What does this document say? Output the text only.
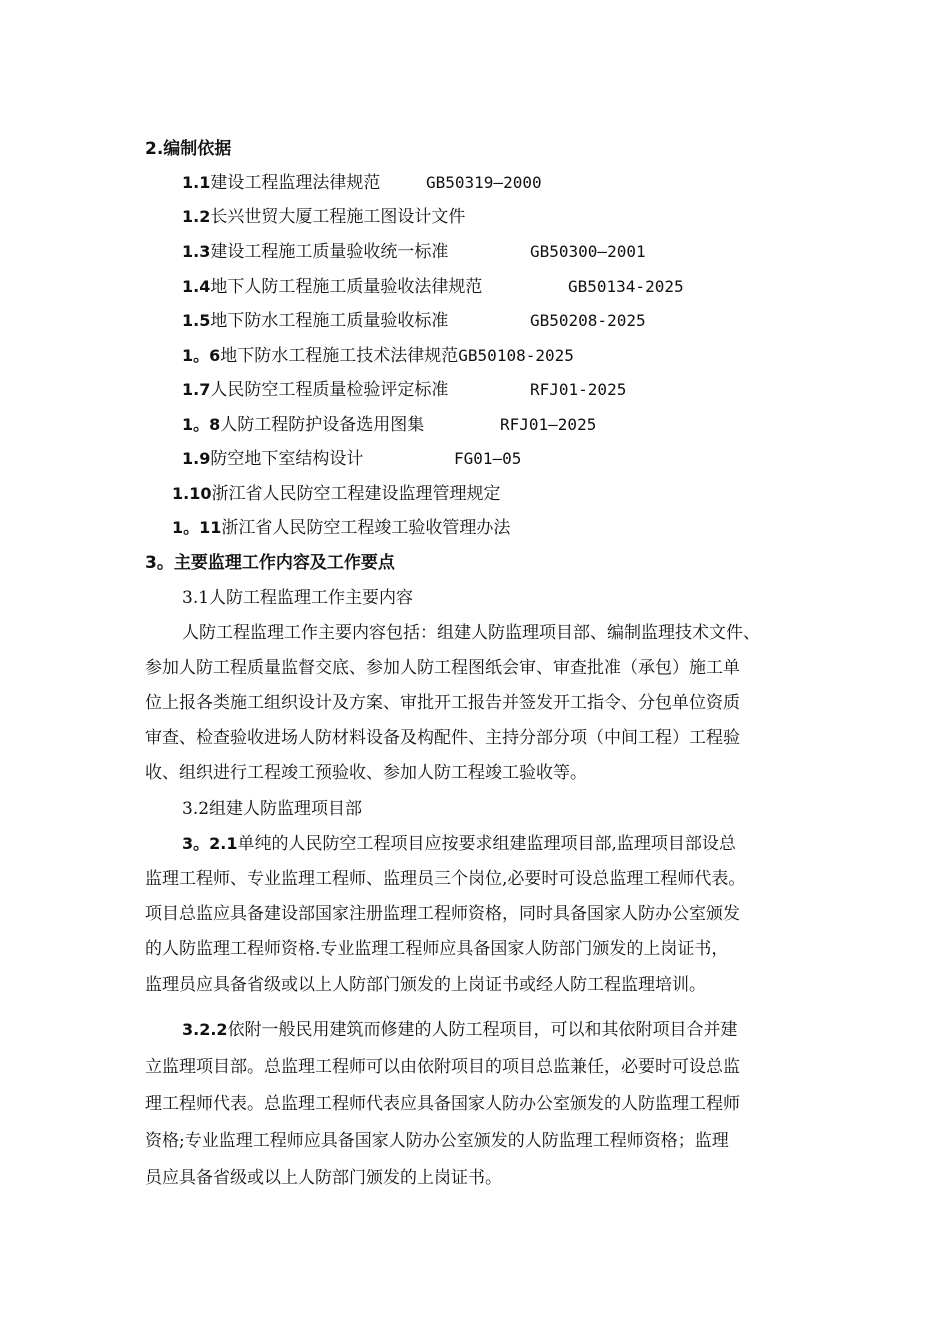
2.编制依据
1.1建设工程监理法律规范	GB50319—2000
1.2长兴世贸大厦工程施工图设计文件
1.3建设工程施工质量验收统一标准	GB50300—2001
1.4地下人防工程施工质量验收法律规范	GB50134-2025
1.5地下防水工程施工质量验收标准	GB50208-2025
1。6地下防水工程施工技术法律规范GB50108-2025
1.7人民防空工程质量检验评定标准	RFJ01-2025
1。8人防工程防护设备选用图集	RFJ01—2025
1.9防空地下室结构设计	FG01—05
1.10浙江省人民防空工程建设监理管理规定
1。11浙江省人民防空工程竣工验收管理办法
3。主要监理工作内容及工作要点
3.1人防工程监理工作主要内容
人防工程监理工作主要内容包括：组建人防监理项目部、编制监理技术文件、
参加人防工程质量监督交底、参加人防工程图纸会审、审查批准（承包）施工单
位上报各类施工组织设计及方案、审批开工报告并签发开工指令、分包单位资质
审查、检查验收进场人防材料设备及构配件、主持分部分项（中间工程）工程验
收、组织进行工程竣工预验收、参加人防工程竣工验收等。
3.2组建人防监理项目部
3。2.1单纯的人民防空工程项目应按要求组建监理项目部,监理项目部设总
监理工程师、专业监理工程师、监理员三个岗位,必要时可设总监理工程师代表。
项目总监应具备建设部国家注册监理工程师资格，同时具备国家人防办公室颁发
的人防监理工程师资格.专业监理工程师应具备国家人防部门颁发的上岗证书，
监理员应具备省级或以上人防部门颁发的上岗证书或经人防工程监理培训。
3.2.2依附一般民用建筑而修建的人防工程项目，可以和其依附项目合并建
立监理项目部。总监理工程师可以由依附项目的项目总监兼任，必要时可设总监
理工程师代表。总监理工程师代表应具备国家人防办公室颁发的人防监理工程师
资格;专业监理工程师应具备国家人防办公室颁发的人防监理工程师资格；监理
员应具备省级或以上人防部门颁发的上岗证书。
